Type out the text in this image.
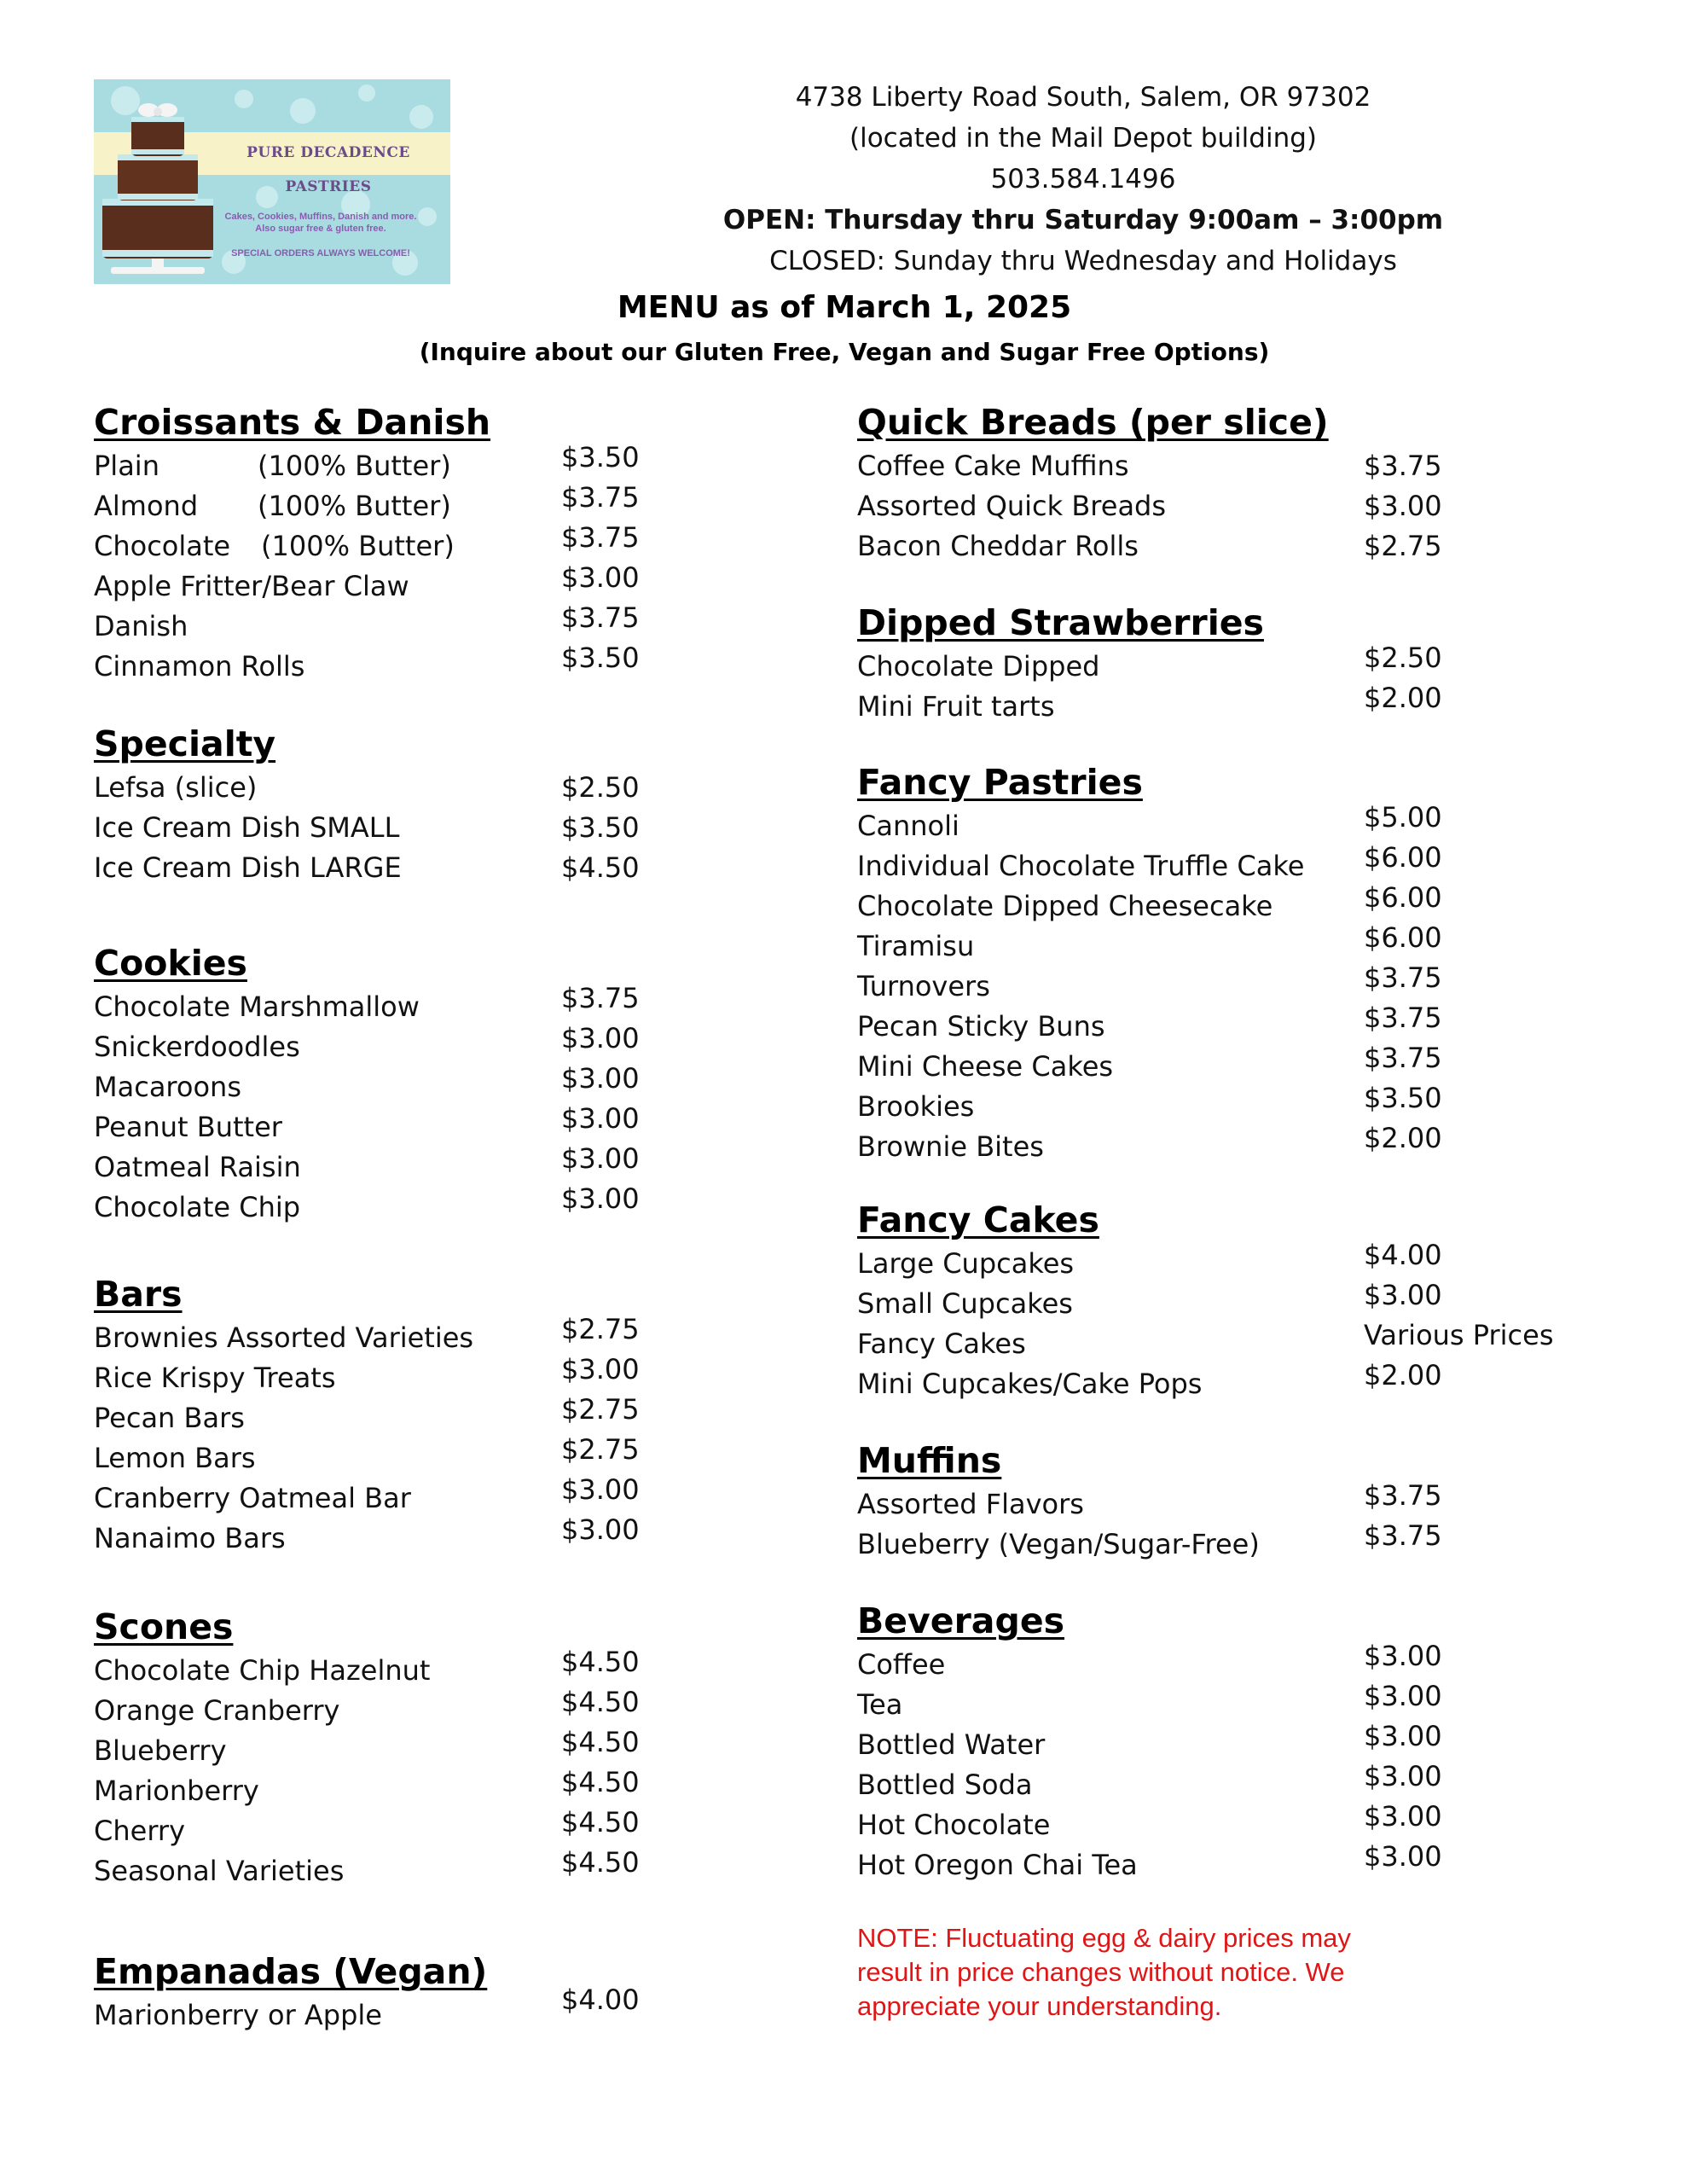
PURE DECADENCE PASTRIES
Cakes, Cookies, Muffins, Danish and more.
Also sugar free & gluten free.
SPECIAL ORDERS ALWAYS WELCOME!
4738 Liberty Road South, Salem, OR 97302
(located in the Mail Depot building)
503.584.1496
OPEN: Thursday thru Saturday 9:00am – 3:00pm
CLOSED: Sunday thru Wednesday and Holidays
MENU as of March 1, 2025
(Inquire about our Gluten Free, Vegan and Sugar Free Options)
Croissants & Danish
Plain	(100% Butter)	$3.50
Almond (100% Butter)	$3.75
Chocolate (100% Butter)	$3.75
Apple Fritter/Bear Claw	$3.00
Danish	$3.75
Cinnamon Rolls	$3.50
Specialty
Lefsa (slice)	$2.50
Ice Cream Dish SMALL	$3.50
Ice Cream Dish LARGE	$4.50
Cookies
Chocolate Marshmallow	$3.75
Snickerdoodles	$3.00
Macaroons	$3.00
Peanut Butter	$3.00
Oatmeal Raisin	$3.00
Chocolate Chip	$3.00
Bars
Brownies Assorted Varieties	$2.75
Rice Krispy Treats	$3.00
Pecan Bars	$2.75
Lemon Bars	$2.75
Cranberry Oatmeal Bar	$3.00
Nanaimo Bars	$3.00
Scones
Chocolate Chip Hazelnut	$4.50
Orange Cranberry	$4.50
Blueberry	$4.50
Marionberry	$4.50
Cherry	$4.50
Seasonal Varieties	$4.50
Empanadas (Vegan)
Marionberry or Apple	$4.00
Quick Breads (per slice)
Coffee Cake Muffins	$3.75
Assorted Quick Breads	$3.00
Bacon Cheddar Rolls	$2.75
Dipped Strawberries
Chocolate Dipped	$2.50
Mini Fruit tarts	$2.00
Fancy Pastries
Cannoli	$5.00
Individual Chocolate Truffle Cake $6.00
Chocolate Dipped Cheesecake	$6.00
Tiramisu	$6.00
Turnovers	$3.75
Pecan Sticky Buns	$3.75
Mini Cheese Cakes	$3.75
Brookies	$3.50
Brownie Bites	$2.00
Fancy Cakes
Large Cupcakes	$4.00
Small Cupcakes	$3.00
Fancy Cakes	Various Prices
Mini Cupcakes/Cake Pops	$2.00
Muffins
Assorted Flavors	$3.75
Blueberry (Vegan/Sugar-Free)	$3.75
Beverages
Coffee	$3.00
Tea	$3.00
Bottled Water	$3.00
Bottled Soda	$3.00
Hot Chocolate	$3.00
Hot Oregon Chai Tea	$3.00
NOTE: Fluctuating egg & dairy prices may
result in price changes without notice. We
appreciate your understanding.
